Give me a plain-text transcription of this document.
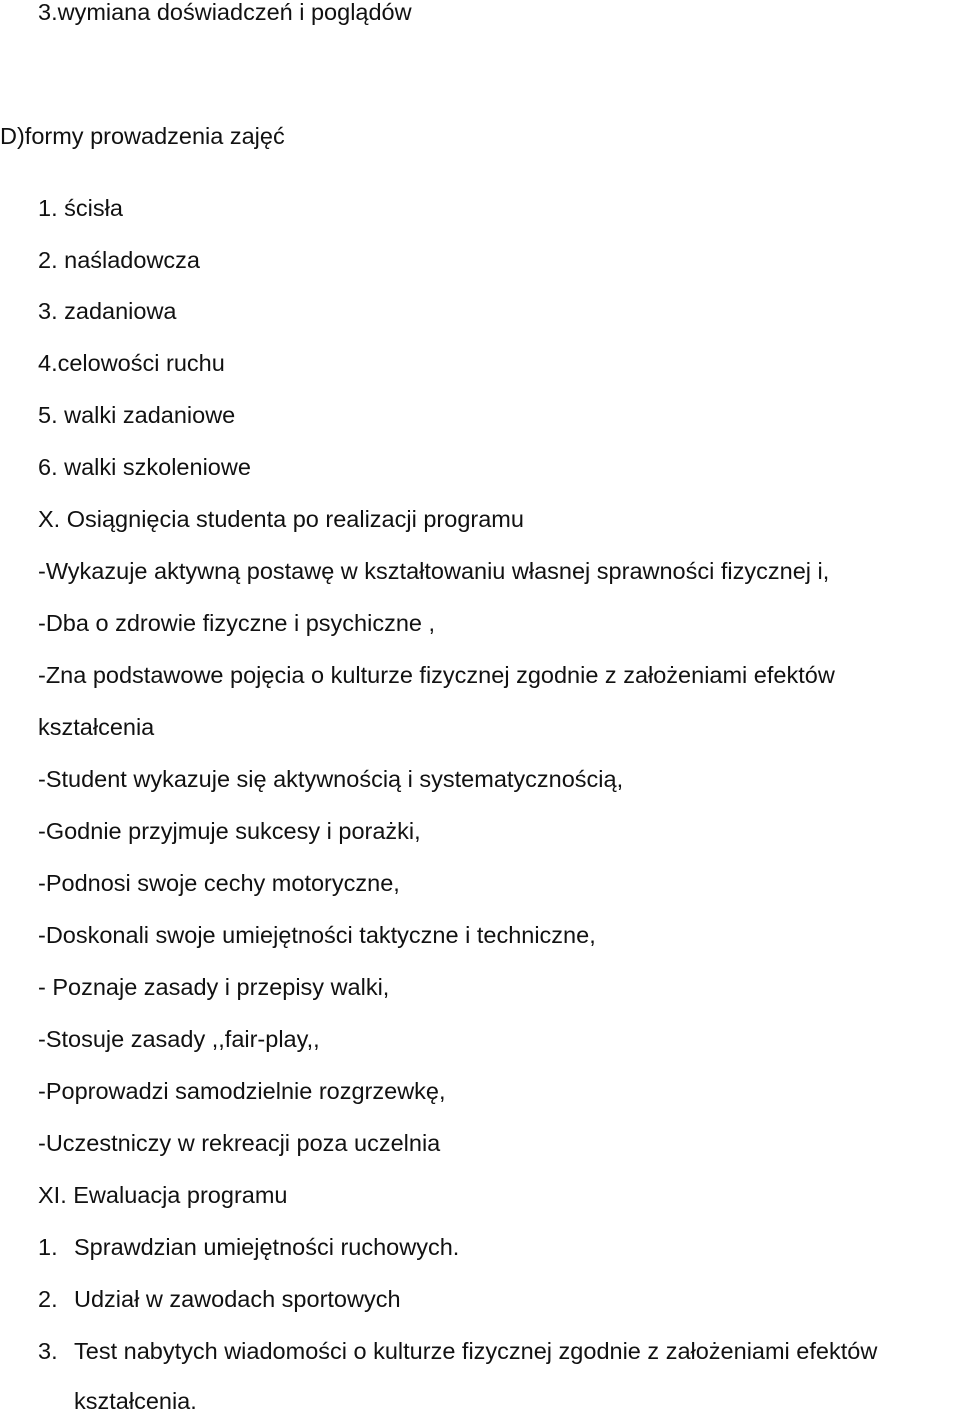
3.wymiana doświadczeń i poglądów
D)formy prowadzenia zajęć
1. ścisła
2. naśladowcza
3. zadaniowa
4.celowości ruchu
5. walki zadaniowe
6. walki szkoleniowe
X. Osiągnięcia studenta po realizacji programu
-Wykazuje aktywną postawę w kształtowaniu własnej sprawności fizycznej i,
-Dba o zdrowie fizyczne i psychiczne ,
-Zna podstawowe pojęcia o kulturze fizycznej zgodnie z założeniami efektów
kształcenia
-Student wykazuje się aktywnością i systematycznością,
-Godnie przyjmuje sukcesy i porażki,
-Podnosi swoje cechy motoryczne,
-Doskonali swoje umiejętności taktyczne i techniczne,
- Poznaje zasady i przepisy walki,
-Stosuje zasady ,,fair-play,,
-Poprowadzi samodzielnie rozgrzewkę,
-Uczestniczy w rekreacji poza uczelnia
XI. Ewaluacja programu
1. Sprawdzian umiejętności ruchowych.
2. Udział w zawodach sportowych
3. Test nabytych wiadomości o kulturze fizycznej zgodnie z założeniami efektów
kształcenia.
